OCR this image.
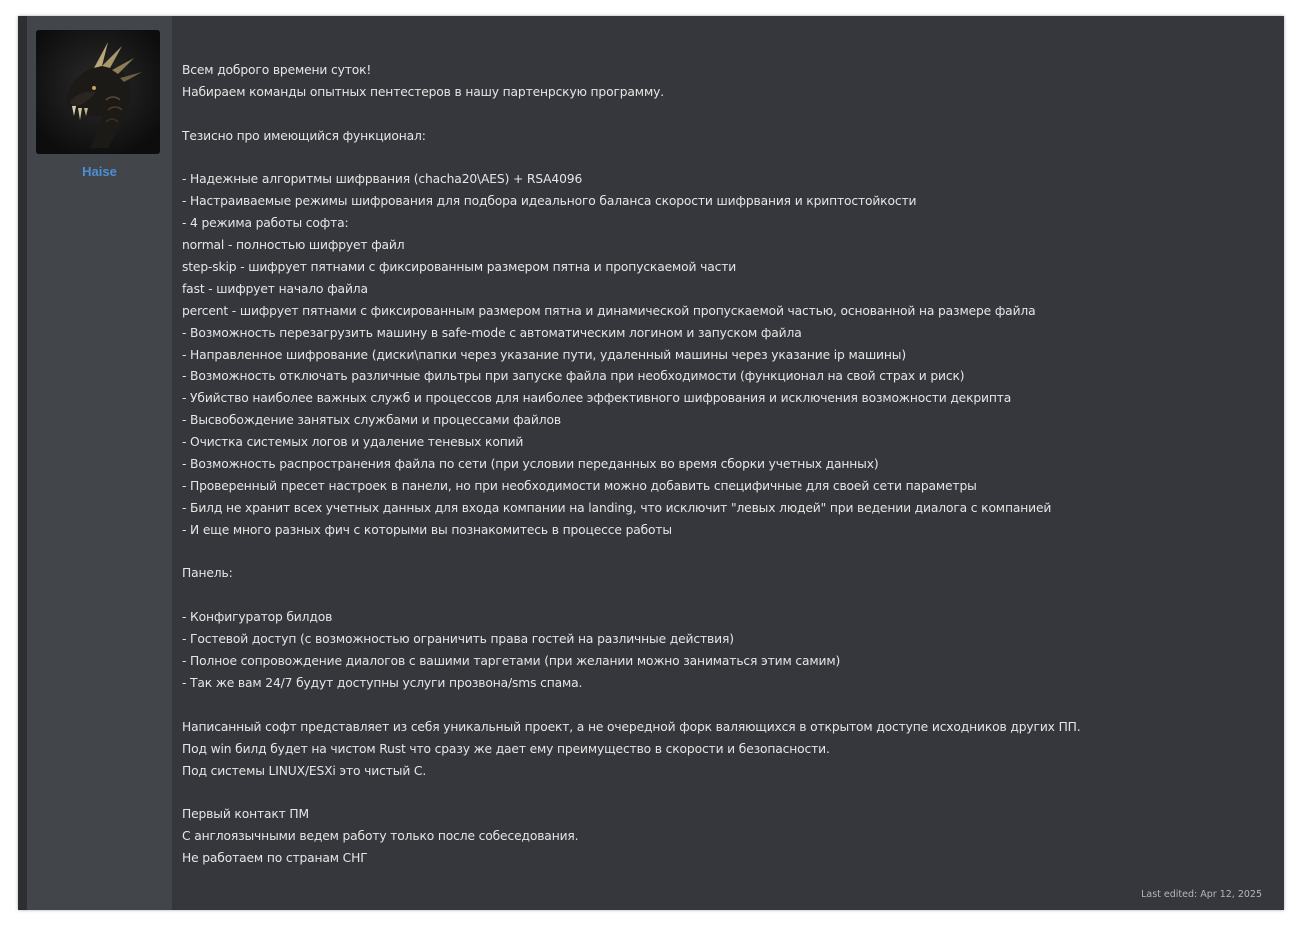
Haise
Всем доброго времени суток!
Набираем команды опытных пентестеров в нашу партенрскую программу.
Тезисно про имеющийся функционал:
- Надежные алгоритмы шифрвания (chacha20\AES) + RSA4096
- Настраиваемые режимы шифрования для подбора идеального баланса скорости шифрвания и криптостойкости
- 4 режима работы софта:
normal - полностью шифрует файл
step-skip - шифрует пятнами с фиксированным размером пятна и пропускаемой части
fast - шифрует начало файла
percent - шифрует пятнами с фиксированным размером пятна и динамической пропускаемой частью, основанной на размере файла
- Возможность перезагрузить машину в safe-mode с автоматическим логином и запуском файла
- Направленное шифрование (диски\папки через указание пути, удаленный машины через указание ip машины)
- Возможность отключать различные фильтры при запуске файла при необходимости (функционал на свой страх и риск)
- Убийство наиболее важных служб и процессов для наиболее эффективного шифрования и исключения возможности декрипта
- Высвобождение занятых службами и процессами файлов
- Очистка системых логов и удаление теневых копий
- Возможность распространения файла по сети (при условии переданных во время сборки учетных данных)
- Проверенный пресет настроек в панели, но при необходимости можно добавить специфичные для своей сети параметры
- Билд не хранит всех учетных данных для входа компании на landing, что исключит "левых людей" при ведении диалога с компанией
- И еще много разных фич с которыми вы познакомитесь в процессе работы
Панель:
- Конфигуратор билдов
- Гостевой доступ (с возможностью ограничить права гостей на различные действия)
- Полное сопровождение диалогов с вашими таргетами (при желании можно заниматься этим самим)
- Так же вам 24/7 будут доступны услуги прозвона/sms спама.
Написанный софт представляет из себя уникальный проект, а не очередной форк валяющихся в открытом доступе исходников других ПП.
Под win билд будет на чистом Rust что сразу же дает ему преимущество в скорости и безопасности.
Под системы LINUX/ESXi это чистый C.
Первый контакт ПМ
С англоязычными ведем работу только после собеседования.
Не работаем по странам СНГ
Last edited: Apr 12, 2025
